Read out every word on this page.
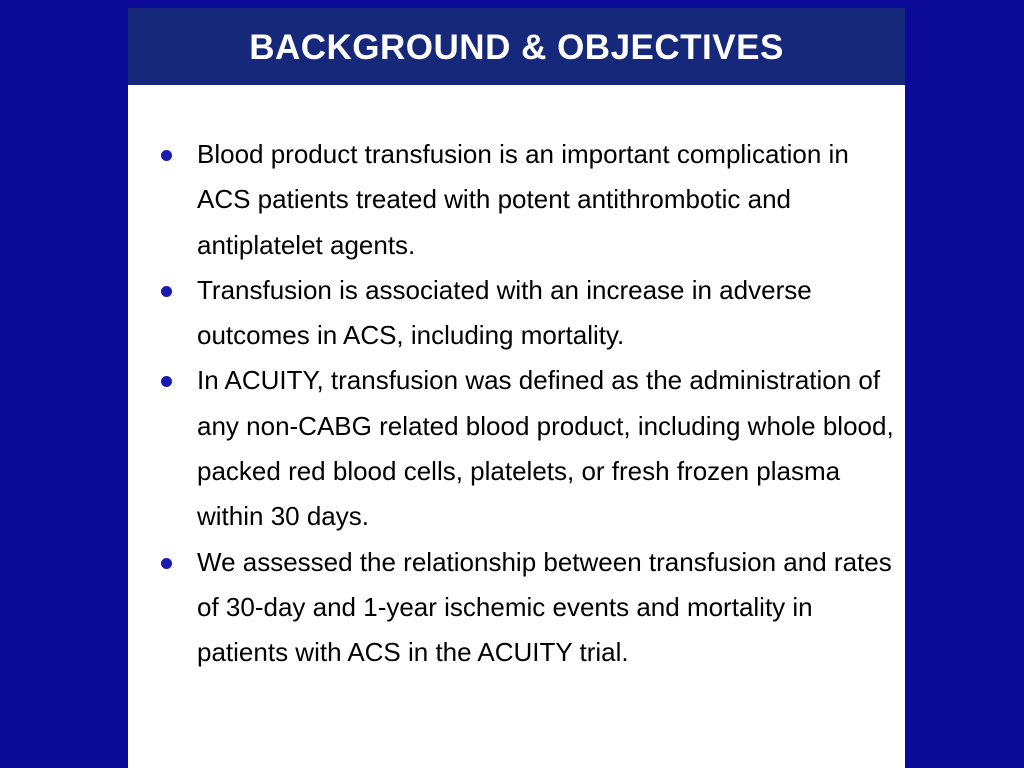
BACKGROUND & OBJECTIVES
Blood product transfusion is an important complication in ACS patients treated with potent antithrombotic and antiplatelet agents.
Transfusion is associated with an increase in adverse outcomes in ACS, including mortality.
In ACUITY, transfusion was defined as the administration of any non-CABG related blood product, including whole blood, packed red blood cells, platelets, or fresh frozen plasma within 30 days.
We assessed the relationship between transfusion and rates of 30-day and 1-year ischemic events and mortality in patients with ACS in the ACUITY trial.
